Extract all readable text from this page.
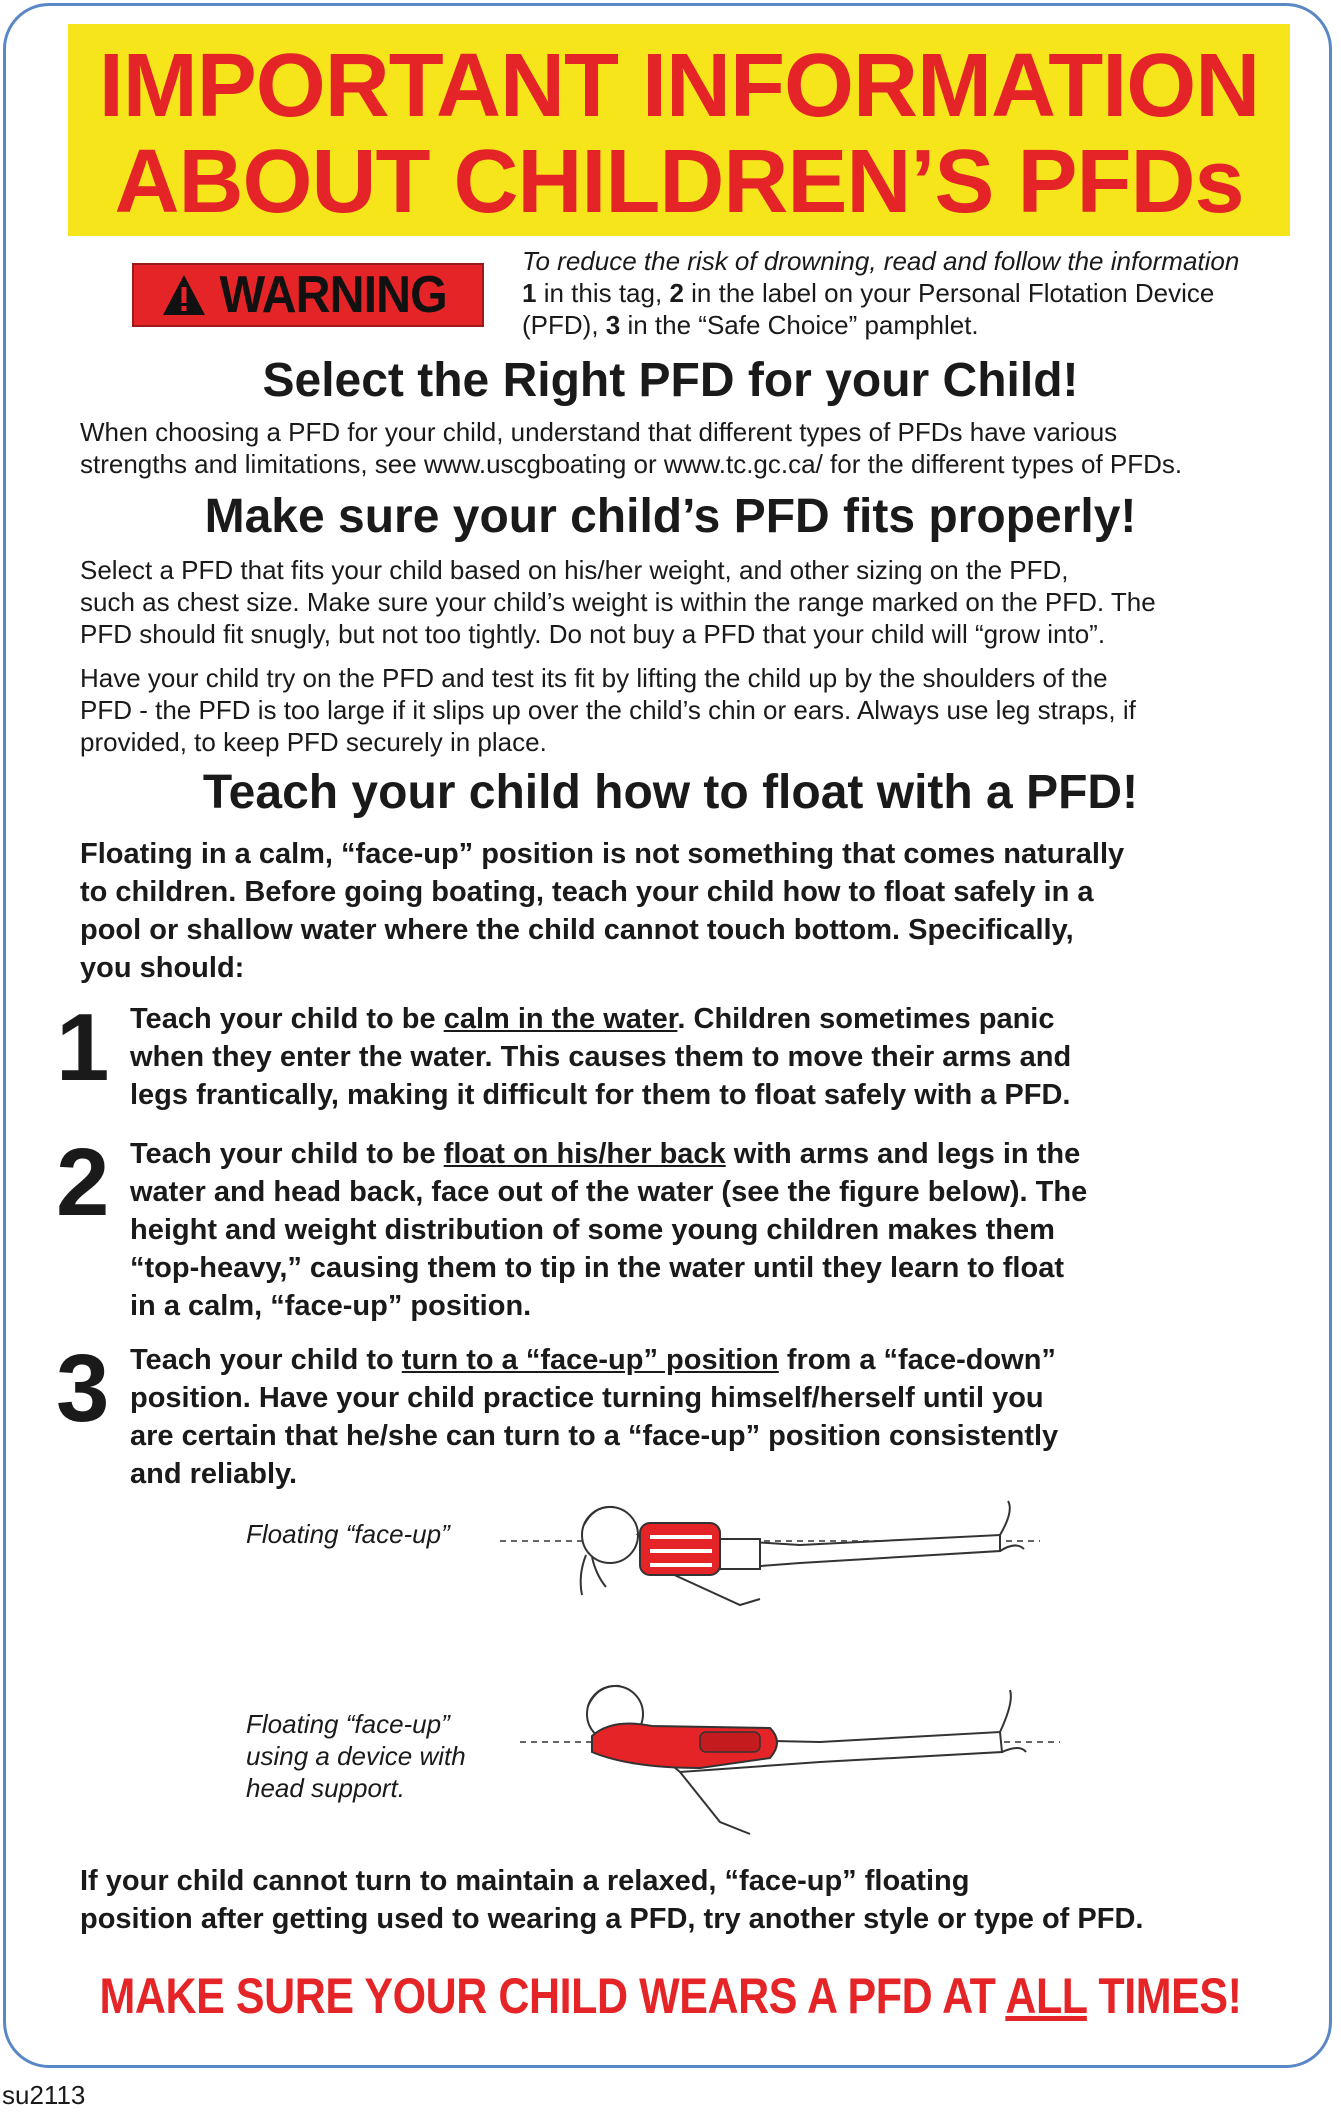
IMPORTANT INFORMATION
ABOUT CHILDREN’S PFDs
WARNING
To reduce the risk of drowning, read and follow the information
1 in this tag, 2 in the label on your Personal Flotation Device
(PFD), 3 in the “Safe Choice” pamphlet.
Select the Right PFD for your Child!
When choosing a PFD for your child, understand that different types of PFDs have various
strengths and limitations, see www.uscgboating or www.tc.gc.ca/ for the different types of PFDs.
Make sure your child’s PFD fits properly!
Select a PFD that fits your child based on his/her weight, and other sizing on the PFD,
such as chest size. Make sure your child’s weight is within the range marked on the PFD. The
PFD should fit snugly, but not too tightly. Do not buy a PFD that your child will “grow into”.
Have your child try on the PFD and test its fit by lifting the child up by the shoulders of the
PFD - the PFD is too large if it slips up over the child’s chin or ears. Always use leg straps, if
provided, to keep PFD securely in place.
Teach your child how to float with a PFD!
Floating in a calm, “face-up” position is not something that comes naturally
to children. Before going boating, teach your child how to float safely in a
pool or shallow water where the child cannot touch bottom. Specifically,
you should:
1 Teach your child to be calm in the water. Children sometimes panic
when they enter the water. This causes them to move their arms and
legs frantically, making it difficult for them to float safely with a PFD.
2 Teach your child to be float on his/her back with arms and legs in the
water and head back, face out of the water (see the figure below). The
height and weight distribution of some young children makes them
“top-heavy,” causing them to tip in the water until they learn to float
in a calm, “face-up” position.
3 Teach your child to turn to a “face-up” position from a “face-down”
position. Have your child practice turning himself/herself until you
are certain that he/she can turn to a “face-up” position consistently
and reliably.
Floating “face-up”
Floating “face-up”
using a device with
head support.
If your child cannot turn to maintain a relaxed, “face-up” floating
position after getting used to wearing a PFD, try another style or type of PFD.
MAKE SURE YOUR CHILD WEARS A PFD AT ALL TIMES!
su2113
